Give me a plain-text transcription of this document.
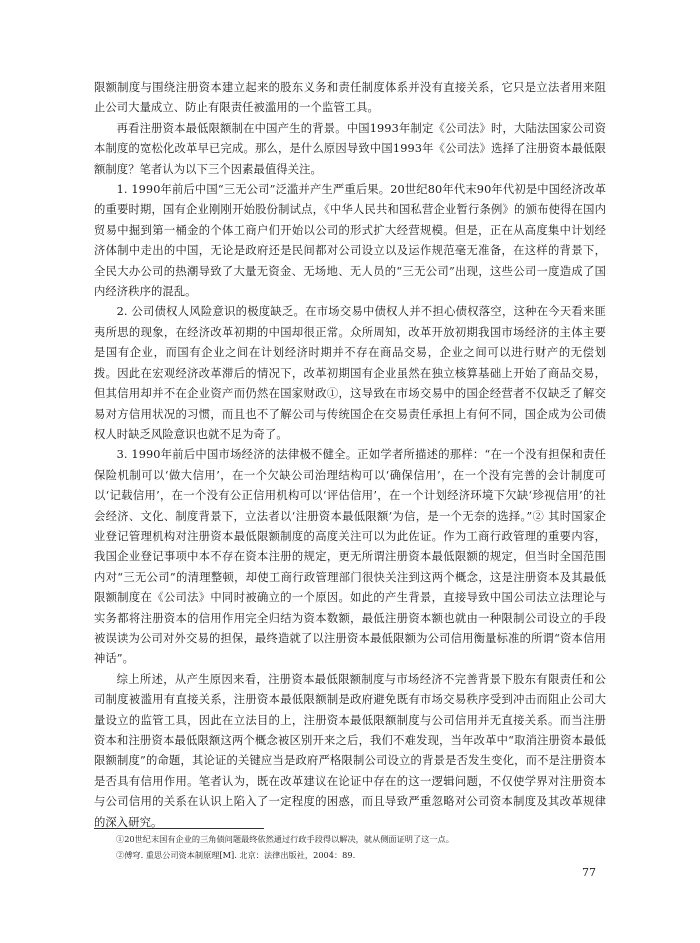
限额制度与围绕注册资本建立起来的股东义务和责任制度体系并没有直接关系，它只是立法者用来阻止公司大量成立、防止有限责任被滥用的一个监管工具。

再看注册资本最低限额制在中国产生的背景。中国1993年制定《公司法》时，大陆法国家公司资本制度的宽松化改革早已完成。那么，是什么原因导致中国1993年《公司法》选择了注册资本最低限额制度？笔者认为以下三个因素最值得关注。

1. 1990年前后中国“三无公司”泛滥并产生严重后果。20世纪80年代末90年代初是中国经济改革的重要时期，国有企业刚刚开始股份制试点，《中华人民共和国私营企业暂行条例》的颁布使得在国内贸易中掘到第一桶金的个体工商户们开始以公司的形式扩大经营规模。但是，正在从高度集中计划经济体制中走出的中国，无论是政府还是民间都对公司设立以及运作规范毫无准备，在这样的背景下，全民大办公司的热潮导致了大量无资金、无场地、无人员的“三无公司”出现，这些公司一度造成了国内经济秩序的混乱。

2. 公司债权人风险意识的极度缺乏。在市场交易中债权人并不担心债权落空，这种在今天看来匪夷所思的现象，在经济改革初期的中国却很正常。众所周知，改革开放初期我国市场经济的主体主要是国有企业，而国有企业之间在计划经济时期并不存在商品交易，企业之间可以进行财产的无偿划拨。因此在宏观经济改革滞后的情况下，改革初期国有企业虽然在独立核算基础上开始了商品交易，但其信用却并不在企业资产而仍然在国家财政①，这导致在市场交易中的国企经营者不仅缺乏了解交易对方信用状况的习惯，而且也不了解公司与传统国企在交易责任承担上有何不同，国企成为公司债权人时缺乏风险意识也就不足为奇了。

3. 1990年前后中国市场经济的法律极不健全。正如学者所描述的那样：“在一个没有担保和责任保险机制可以‘做大信用’，在一个欠缺公司治理结构可以‘确保信用’，在一个没有完善的会计制度可以‘记载信用’，在一个没有公正信用机构可以‘评估信用’，在一个计划经济环境下欠缺‘珍视信用’的社会经济、文化、制度背景下，立法者以‘注册资本最低限额’为信，是一个无奈的选择。”② 其时国家企业登记管理机构对注册资本最低限额制度的高度关注可以为此佐证。作为工商行政管理的重要内容，我国企业登记事项中本不存在资本注册的规定，更无所谓注册资本最低限额的规定，但当时全国范围内对“三无公司”的清理整顿，却使工商行政管理部门很快关注到这两个概念，这是注册资本及其最低限额制度在《公司法》中同时被确立的一个原因。如此的产生背景，直接导致中国公司法立法理论与实务都将注册资本的信用作用完全归结为资本数额，最低注册资本额也就由一种限制公司设立的手段被误读为公司对外交易的担保，最终造就了以注册资本最低限额为公司信用衡量标准的所谓“资本信用神话”。

综上所述，从产生原因来看，注册资本最低限额制度与市场经济不完善背景下股东有限责任和公司制度被滥用有直接关系，注册资本最低限额制是政府避免既有市场交易秩序受到冲击而阻止公司大量设立的监管工具，因此在立法目的上，注册资本最低限额制度与公司信用并无直接关系。而当注册资本和注册资本最低限额这两个概念被区别开来之后，我们不难发现，当年改革中“取消注册资本最低限额制度”的命题，其论证的关键应当是政府严格限制公司设立的背景是否发生变化，而不是注册资本是否具有信用作用。笔者认为，既在改革建议在论证中存在的这一逻辑问题，不仅使学界对注册资本与公司信用的关系在认识上陷入了一定程度的困惑，而且导致严重忽略对公司资本制度及其改革规律的深入研究。

①20世纪末国有企业的三角债问题最终依然通过行政手段得以解决，就从侧面证明了这一点。

②傅穹. 重思公司资本制原理[M]. 北京：法律出版社，2004：89.

77
